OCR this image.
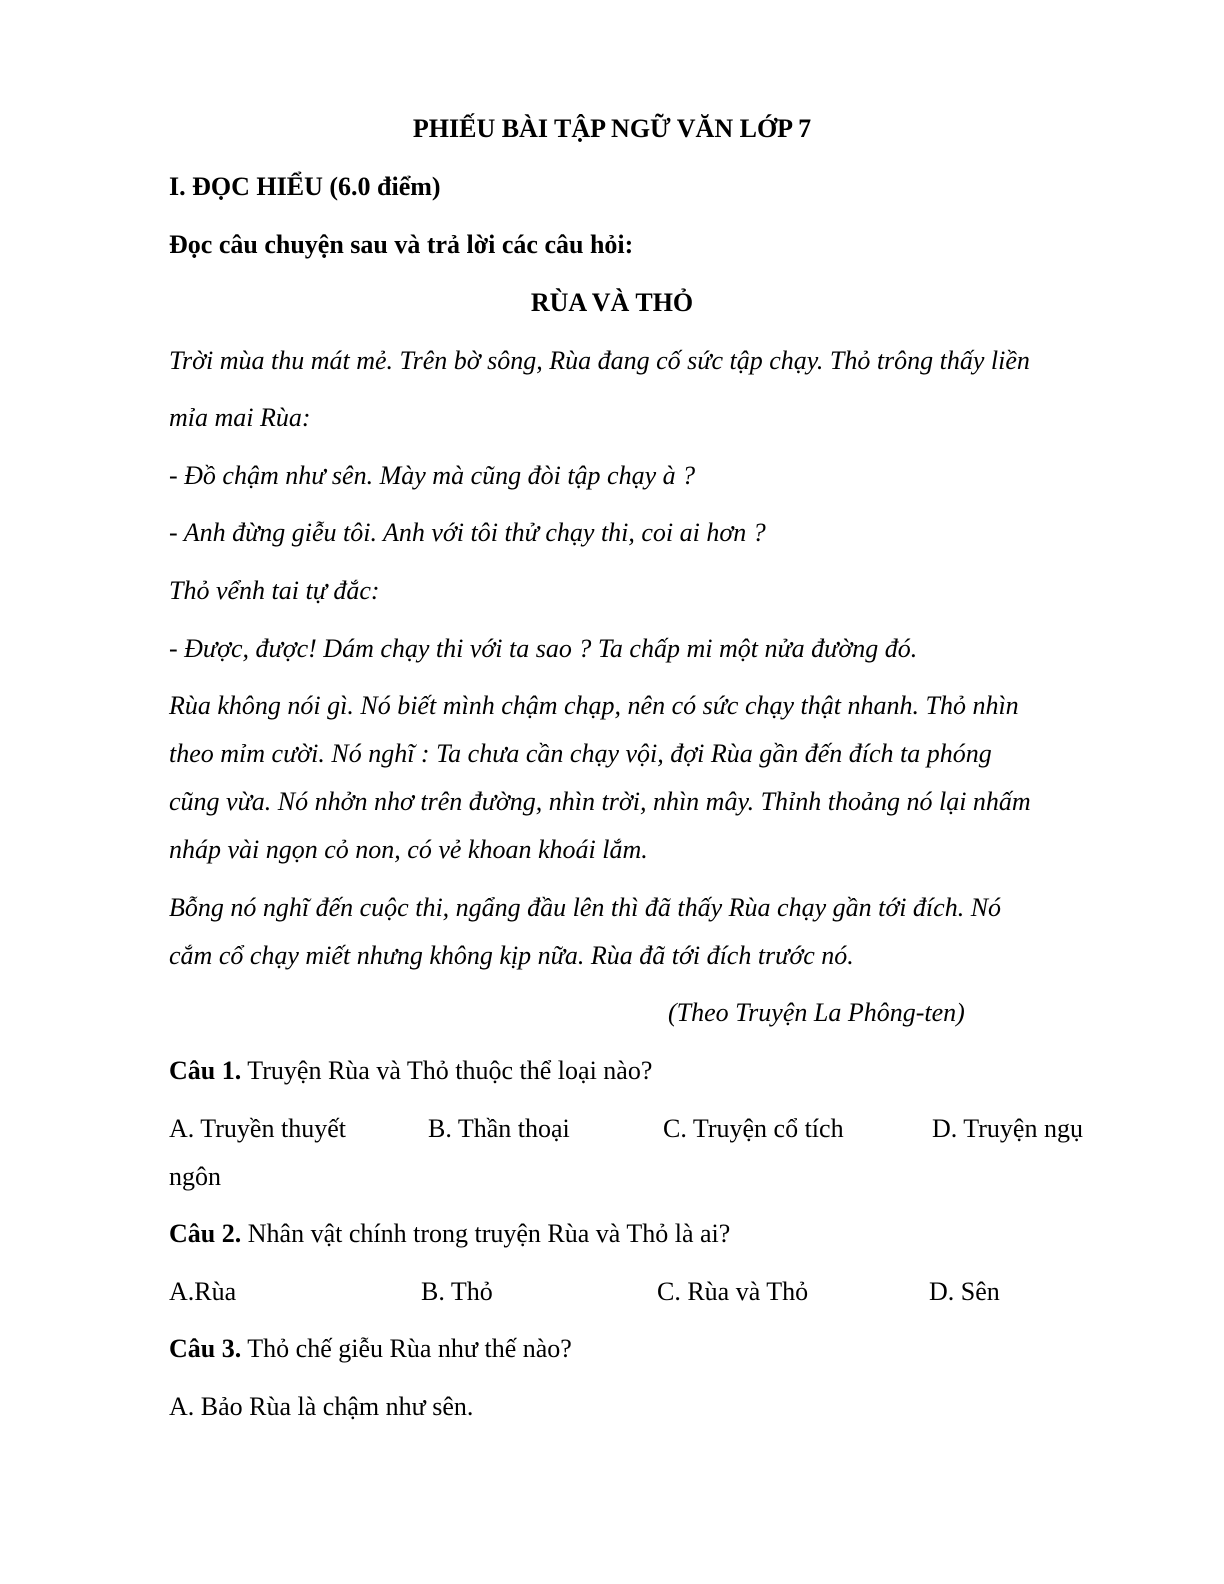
PHIẾU BÀI TẬP NGỮ VĂN LỚP 7
I. ĐỌC HIỂU (6.0 điểm)
Đọc câu chuyện sau và trả lời các câu hỏi:
RÙA VÀ THỎ
Trời mùa thu mát mẻ. Trên bờ sông, Rùa đang cố sức tập chạy. Thỏ trông thấy liền
mỉa mai Rùa:
- Đồ chậm như sên. Mày mà cũng đòi tập chạy à ?
- Anh đừng giễu tôi. Anh với tôi thử chạy thi, coi ai hơn ?
Thỏ vểnh tai tự đắc:
- Được, được! Dám chạy thi với ta sao ? Ta chấp mi một nửa đường đó.
Rùa không nói gì. Nó biết mình chậm chạp, nên có sức chạy thật nhanh. Thỏ nhìn
theo mỉm cười. Nó nghĩ : Ta chưa cần chạy vội, đợi Rùa gần đến đích ta phóng
cũng vừa. Nó nhởn nhơ trên đường, nhìn trời, nhìn mây. Thỉnh thoảng nó lại nhấm
nháp vài ngọn cỏ non, có vẻ khoan khoái lắm.
Bỗng nó nghĩ đến cuộc thi, ngẩng đầu lên thì đã thấy Rùa chạy gần tới đích. Nó
cắm cổ chạy miết nhưng không kịp nữa. Rùa đã tới đích trước nó.
(Theo Truyện La Phông-ten)
Câu 1. Truyện Rùa và Thỏ thuộc thể loại nào?
A. Truyền thuyết	B. Thần thoại	C. Truyện cổ tích	D. Truyện ngụ
ngôn
Câu 2. Nhân vật chính trong truyện Rùa và Thỏ là ai?
A.Rùa	B. Thỏ	C. Rùa và Thỏ	D. Sên
Câu 3. Thỏ chế giễu Rùa như thế nào?
A. Bảo Rùa là chậm như sên.
